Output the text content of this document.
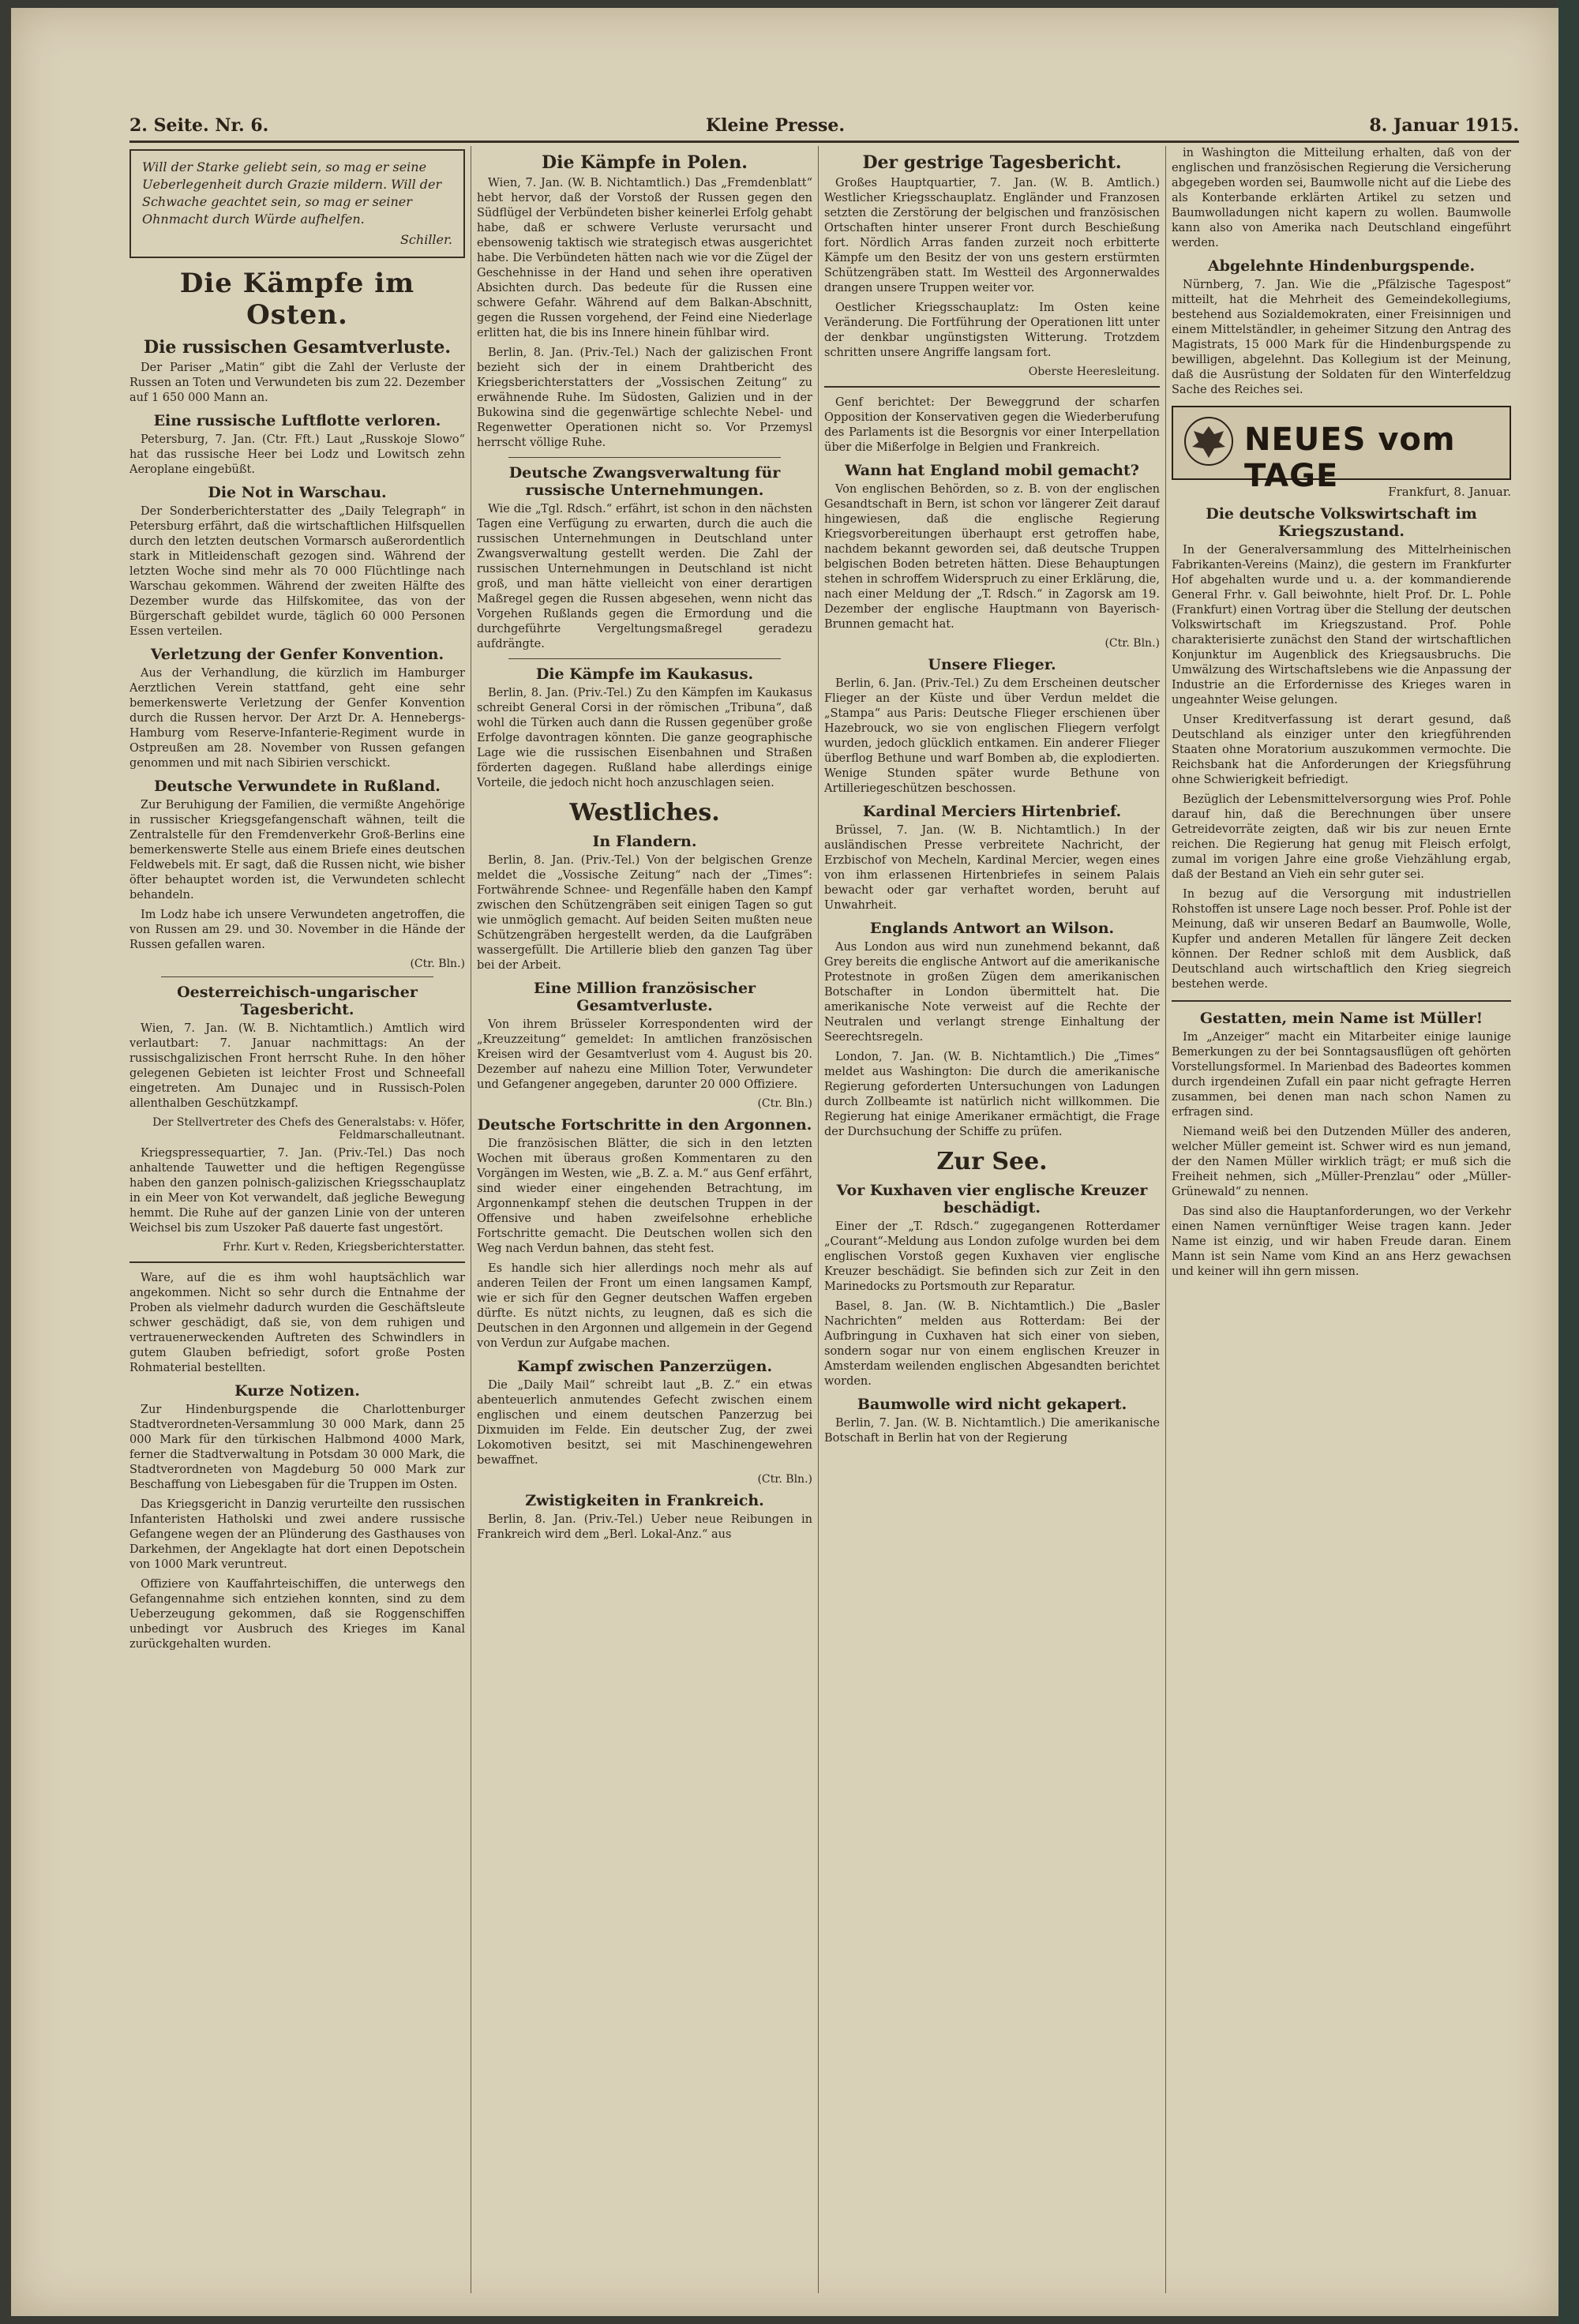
2. Seite. Nr. 6.	Kleine Presse.	8. Januar 1915.
Will der Starke geliebt sein, so mag er seine Ueberlegenheit durch Grazie mildern. Will der Schwache geachtet sein, so mag er seiner Ohnmacht durch Würde aufhelfen.
Schiller.
Die Kämpfe im Osten.
Die russischen Gesamtverluste.

Der Pariser „Matin“ gibt die Zahl der Verluste der Russen an Toten und Verwundeten bis zum 22. Dezember auf 1 650 000 Mann an.

Eine russische Luftflotte verloren.

Petersburg, 7. Jan. (Ctr. Fft.) Laut „Russkoje Slowo“ hat das russische Heer bei Lodz und Lowitsch zehn Aeroplane eingebüßt.

Die Not in Warschau.

Der Sonderberichterstatter des „Daily Telegraph“ in Petersburg erfährt, daß die wirtschaftlichen Hilfsquellen durch den letzten deutschen Vormarsch außerordentlich stark in Mitleidenschaft gezogen sind. Während der letzten Woche sind mehr als 70 000 Flüchtlinge nach Warschau gekommen. Während der zweiten Hälfte des Dezember wurde das Hilfskomitee, das von der Bürgerschaft gebildet wurde, täglich 60 000 Personen Essen verteilen.

Verletzung der Genfer Konvention.

Aus der Verhandlung, die kürzlich im Hamburger Aerztlichen Verein stattfand, geht eine sehr bemerkenswerte Verletzung der Genfer Konvention durch die Russen hervor. Der Arzt Dr. A. Hennebergs-Hamburg vom Reserve-Infanterie-Regiment wurde in Ostpreußen am 28. November von Russen gefangen genommen und mit nach Sibirien verschickt.

Deutsche Verwundete in Rußland.

Zur Beruhigung der Familien, die vermißte Angehörige in russischer Kriegsgefangenschaft wähnen, teilt die Zentralstelle für den Fremdenverkehr Groß-Berlins eine bemerkenswerte Stelle aus einem Briefe eines deutschen Feldwebels mit. Er sagt, daß die Russen nicht, wie bisher öfter behauptet worden ist, die Verwundeten schlecht behandeln.

Im Lodz habe ich unsere Verwundeten angetroffen, die von Russen am 29. und 30. November in die Hände der Russen gefallen waren.

(Ctr. Bln.)
Oesterreichisch-ungarischer Tagesbericht.

Wien, 7. Jan. (W. B. Nichtamtlich.) Amtlich wird verlautbart: 7. Januar nachmittags: An der russischgalizischen Front herrscht Ruhe. In den höher gelegenen Gebieten ist leichter Frost und Schneefall eingetreten. Am Dunajec und in Russisch-Polen allenthalben Geschützkampf.

Der Stellvertreter des Chefs des Generalstabs: v. Höfer, Feldmarschalleutnant.

Kriegspressequartier, 7. Jan. (Priv.-Tel.) Das noch anhaltende Tauwetter und die heftigen Regengüsse haben den ganzen polnisch-galizischen Kriegsschauplatz in ein Meer von Kot verwandelt, daß jegliche Bewegung hemmt. Die Ruhe auf der ganzen Linie von der unteren Weichsel bis zum Uszoker Paß dauerte fast ungestört.

Frhr. Kurt v. Reden, Kriegsberichterstatter.

Ware, auf die es ihm wohl hauptsächlich war angekommen. Nicht so sehr durch die Entnahme der Proben als vielmehr dadurch wurden die Geschäftsleute schwer geschädigt, daß sie, von dem ruhigen und vertrauenerweckenden Auftreten des Schwindlers in gutem Glauben befriedigt, sofort große Posten Rohmaterial bestellten.

Kurze Notizen.

Zur Hindenburgspende die Charlottenburger Stadtverordneten-Versammlung 30 000 Mark, dann 25 000 Mark für den türkischen Halbmond 4000 Mark, ferner die Stadtverwaltung in Potsdam 30 000 Mark, die Stadtverordneten von Magdeburg 50 000 Mark zur Beschaffung von Liebesgaben für die Truppen im Osten.

Das Kriegsgericht in Danzig verurteilte den russischen Infanteristen Hatholski und zwei andere russische Gefangene wegen der an Plünderung des Gasthauses von Darkehmen, der Angeklagte hat dort einen Depotschein von 1000 Mark veruntreut.

Offiziere von Kauffahrteischiffen, die unterwegs den Gefangennahme sich entziehen konnten, sind zu dem Ueberzeugung gekommen, daß sie Roggenschiffen unbedingt vor Ausbruch des Krieges im Kanal zurückgehalten wurden.

Die Kämpfe in Polen.

Wien, 7. Jan. (W. B. Nichtamtlich.) Das „Fremdenblatt“ hebt hervor, daß der Vorstoß der Russen gegen den Südflügel der Verbündeten bisher keinerlei Erfolg gehabt habe, daß er schwere Verluste verursacht und ebensowenig taktisch wie strategisch etwas ausgerichtet habe. Die Verbündeten hätten nach wie vor die Zügel der Geschehnisse in der Hand und sehen ihre operativen Absichten durch. Das bedeute für die Russen eine schwere Gefahr. Während auf dem Balkan-Abschnitt, gegen die Russen vorgehend, der Feind eine Niederlage erlitten hat, die bis ins Innere hinein fühlbar wird.

Berlin, 8. Jan. (Priv.-Tel.) Nach der galizischen Front bezieht sich der in einem Drahtbericht des Kriegsberichterstatters der „Vossischen Zeitung“ zu erwähnende Ruhe. Im Südosten, Galizien und in der Bukowina sind die gegenwärtige schlechte Nebel- und Regenwetter Operationen nicht so. Vor Przemysl herrscht völlige Ruhe.

Deutsche Zwangsverwaltung für russische Unternehmungen.

Wie die „Tgl. Rdsch.“ erfährt, ist schon in den nächsten Tagen eine Verfügung zu erwarten, durch die auch die russischen Unternehmungen in Deutschland unter Zwangsverwaltung gestellt werden. Die Zahl der russischen Unternehmungen in Deutschland ist nicht groß, und man hätte vielleicht von einer derartigen Maßregel gegen die Russen abgesehen, wenn nicht das Vorgehen Rußlands gegen die Ermordung und die durchgeführte Vergeltungsmaßregel geradezu aufdrängte.

Die Kämpfe im Kaukasus.

Berlin, 8. Jan. (Priv.-Tel.) Zu den Kämpfen im Kaukasus schreibt General Corsi in der römischen „Tribuna“, daß wohl die Türken auch dann die Russen gegenüber große Erfolge davontragen könnten. Die ganze geographische Lage wie die russischen Eisenbahnen und Straßen förderten dagegen. Rußland habe allerdings einige Vorteile, die jedoch nicht hoch anzuschlagen seien.

Westliches.
In Flandern.

Berlin, 8. Jan. (Priv.-Tel.) Von der belgischen Grenze meldet die „Vossische Zeitung“ nach der „Times“: Fortwährende Schnee- und Regenfälle haben den Kampf zwischen den Schützengräben seit einigen Tagen so gut wie unmöglich gemacht. Auf beiden Seiten mußten neue Schützengräben hergestellt werden, da die Laufgräben wassergefüllt. Die Artillerie blieb den ganzen Tag über bei der Arbeit.

Eine Million französischer Gesamtverluste.

Von ihrem Brüsseler Korrespondenten wird der „Kreuzzeitung“ gemeldet: In amtlichen französischen Kreisen wird der Gesamtverlust vom 4. August bis 20. Dezember auf nahezu eine Million Toter, Verwundeter und Gefangener angegeben, darunter 20 000 Offiziere.

(Ctr. Bln.)
Deutsche Fortschritte in den Argonnen.

Die französischen Blätter, die sich in den letzten Wochen mit überaus großen Kommentaren zu den Vorgängen im Westen, wie „B. Z. a. M.“ aus Genf erfährt, sind wieder einer eingehenden Betrachtung, im Argonnenkampf stehen die deutschen Truppen in der Offensive und haben zweifelsohne erhebliche Fortschritte gemacht. Die Deutschen wollen sich den Weg nach Verdun bahnen, das steht fest.

Es handle sich hier allerdings noch mehr als auf anderen Teilen der Front um einen langsamen Kampf, wie er sich für den Gegner deutschen Waffen ergeben dürfte. Es nützt nichts, zu leugnen, daß es sich die Deutschen in den Argonnen und allgemein in der Gegend von Verdun zur Aufgabe machen.

Kampf zwischen Panzerzügen.

Die „Daily Mail“ schreibt laut „B. Z.“ ein etwas abenteuerlich anmutendes Gefecht zwischen einem englischen und einem deutschen Panzerzug bei Dixmuiden im Felde. Ein deutscher Zug, der zwei Lokomotiven besitzt, sei mit Maschinengewehren bewaffnet.

(Ctr. Bln.)
Zwistigkeiten in Frankreich.

Berlin, 8. Jan. (Priv.-Tel.) Ueber neue Reibungen in Frankreich wird dem „Berl. Lokal-Anz.“ aus

Der gestrige Tagesbericht.

Großes Hauptquartier, 7. Jan. (W. B. Amtlich.) Westlicher Kriegsschauplatz. Engländer und Franzosen setzten die Zerstörung der belgischen und französischen Ortschaften hinter unserer Front durch Beschießung fort. Nördlich Arras fanden zurzeit noch erbitterte Kämpfe um den Besitz der von uns gestern erstürmten Schützengräben statt. Im Westteil des Argonnerwaldes drangen unsere Truppen weiter vor.

Oestlicher Kriegsschauplatz: Im Osten keine Veränderung. Die Fortführung der Operationen litt unter der denkbar ungünstigsten Witterung. Trotzdem schritten unsere Angriffe langsam fort.

Oberste Heeresleitung.

Genf berichtet: Der Beweggrund der scharfen Opposition der Konservativen gegen die Wiederberufung des Parlaments ist die Besorgnis vor einer Interpellation über die Mißerfolge in Belgien und Frankreich.

Wann hat England mobil gemacht?

Von englischen Behörden, so z. B. von der englischen Gesandtschaft in Bern, ist schon vor längerer Zeit darauf hingewiesen, daß die englische Regierung Kriegsvorbereitungen überhaupt erst getroffen habe, nachdem bekannt geworden sei, daß deutsche Truppen belgischen Boden betreten hätten. Diese Behauptungen stehen in schroffem Widerspruch zu einer Erklärung, die, nach einer Meldung der „T. Rdsch.“ in Zagorsk am 19. Dezember der englische Hauptmann von Bayerisch-Brunnen gemacht hat.

(Ctr. Bln.)
Unsere Flieger.

Berlin, 6. Jan. (Priv.-Tel.) Zu dem Erscheinen deutscher Flieger an der Küste und über Verdun meldet die „Stampa“ aus Paris: Deutsche Flieger erschienen über Hazebrouck, wo sie von englischen Fliegern verfolgt wurden, jedoch glücklich entkamen. Ein anderer Flieger überflog Bethune und warf Bomben ab, die explodierten. Wenige Stunden später wurde Bethune von Artilleriegeschützen beschossen.

Kardinal Merciers Hirtenbrief.

Brüssel, 7. Jan. (W. B. Nichtamtlich.) In der ausländischen Presse verbreitete Nachricht, der Erzbischof von Mecheln, Kardinal Mercier, wegen eines von ihm erlassenen Hirtenbriefes in seinem Palais bewacht oder gar verhaftet worden, beruht auf Unwahrheit.

Englands Antwort an Wilson.

Aus London aus wird nun zunehmend bekannt, daß Grey bereits die englische Antwort auf die amerikanische Protestnote in großen Zügen dem amerikanischen Botschafter in London übermittelt hat. Die amerikanische Note verweist auf die Rechte der Neutralen und verlangt strenge Einhaltung der Seerechtsregeln.

London, 7. Jan. (W. B. Nichtamtlich.) Die „Times“ meldet aus Washington: Die durch die amerikanische Regierung geforderten Untersuchungen von Ladungen durch Zollbeamte ist natürlich nicht willkommen. Die Regierung hat einige Amerikaner ermächtigt, die Frage der Durchsuchung der Schiffe zu prüfen.

Zur See.
Vor Kuxhaven vier englische Kreuzer beschädigt.

Einer der „T. Rdsch.“ zugegangenen Rotterdamer „Courant“-Meldung aus London zufolge wurden bei dem englischen Vorstoß gegen Kuxhaven vier englische Kreuzer beschädigt. Sie befinden sich zur Zeit in den Marinedocks zu Portsmouth zur Reparatur.

Basel, 8. Jan. (W. B. Nichtamtlich.) Die „Basler Nachrichten“ melden aus Rotterdam: Bei der Aufbringung in Cuxhaven hat sich einer von sieben, sondern sogar nur von einem englischen Kreuzer in Amsterdam weilenden englischen Abgesandten berichtet worden.

Baumwolle wird nicht gekapert.

Berlin, 7. Jan. (W. B. Nichtamtlich.) Die amerikanische Botschaft in Berlin hat von der Regierung

in Washington die Mitteilung erhalten, daß von der englischen und französischen Regierung die Versicherung abgegeben worden sei, Baumwolle nicht auf die Liebe des als Konterbande erklärten Artikel zu setzen und Baumwolladungen nicht kapern zu wollen. Baumwolle kann also von Amerika nach Deutschland eingeführt werden.

Abgelehnte Hindenburgspende.

Nürnberg, 7. Jan. Wie die „Pfälzische Tagespost“ mitteilt, hat die Mehrheit des Gemeindekollegiums, bestehend aus Sozialdemokraten, einer Freisinnigen und einem Mittelständler, in geheimer Sitzung den Antrag des Magistrats, 15 000 Mark für die Hindenburgspende zu bewilligen, abgelehnt. Das Kollegium ist der Meinung, daß die Ausrüstung der Soldaten für den Winterfeldzug Sache des Reiches sei.

NEUES vom TAGE	Frankfurt, 8. Januar.
Die deutsche Volkswirtschaft im Kriegszustand.

In der Generalversammlung des Mittelrheinischen Fabrikanten-Vereins (Mainz), die gestern im Frankfurter Hof abgehalten wurde und u. a. der kommandierende General Frhr. v. Gall beiwohnte, hielt Prof. Dr. L. Pohle (Frankfurt) einen Vortrag über die Stellung der deutschen Volkswirtschaft im Kriegszustand. Prof. Pohle charakterisierte zunächst den Stand der wirtschaftlichen Konjunktur im Augenblick des Kriegsausbruchs. Die Umwälzung des Wirtschaftslebens wie die Anpassung der Industrie an die Erfordernisse des Krieges waren in ungeahnter Weise gelungen.

Unser Kreditverfassung ist derart gesund, daß Deutschland als einziger unter den kriegführenden Staaten ohne Moratorium auszukommen vermochte. Die Reichsbank hat die Anforderungen der Kriegsführung ohne Schwierigkeit befriedigt.

Bezüglich der Lebensmittelversorgung wies Prof. Pohle darauf hin, daß die Berechnungen über unsere Getreidevorräte zeigten, daß wir bis zur neuen Ernte reichen. Die Regierung hat genug mit Fleisch erfolgt, zumal im vorigen Jahre eine große Viehzählung ergab, daß der Bestand an Vieh ein sehr guter sei.

In bezug auf die Versorgung mit industriellen Rohstoffen ist unsere Lage noch besser. Prof. Pohle ist der Meinung, daß wir unseren Bedarf an Baumwolle, Wolle, Kupfer und anderen Metallen für längere Zeit decken können. Der Redner schloß mit dem Ausblick, daß Deutschland auch wirtschaftlich den Krieg siegreich bestehen werde.

Gestatten, mein Name ist Müller!

Im „Anzeiger“ macht ein Mitarbeiter einige launige Bemerkungen zu der bei Sonntagsausflügen oft gehörten Vorstellungsformel. In Marienbad des Badeortes kommen durch irgendeinen Zufall ein paar nicht gefragte Herren zusammen, bei denen man nach schon Namen zu erfragen sind.

Niemand weiß bei den Dutzenden Müller des anderen, welcher Müller gemeint ist. Schwer wird es nun jemand, der den Namen Müller wirklich trägt; er muß sich die Freiheit nehmen, sich „Müller-Prenzlau“ oder „Müller-Grünewald“ zu nennen.

Das sind also die Hauptanforderungen, wo der Verkehr einen Namen vernünftiger Weise tragen kann. Jeder Name ist einzig, und wir haben Freude daran. Einem Mann ist sein Name vom Kind an ans Herz gewachsen und keiner will ihn gern missen.
